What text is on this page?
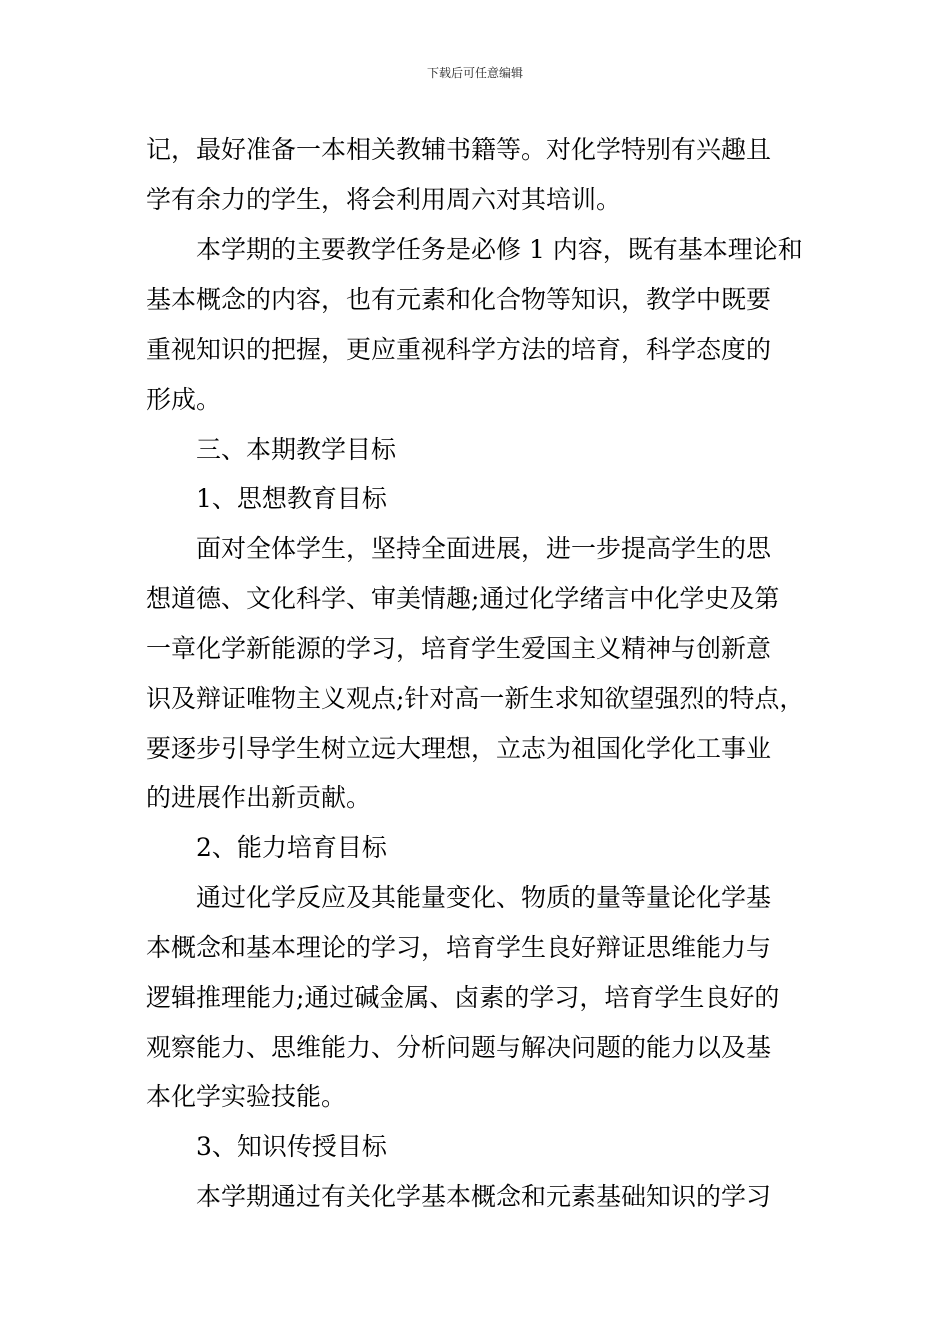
下载后可任意编辑
记，最好准备一本相关教辅书籍等。对化学特别有兴趣且
学有余力的学生，将会利用周六对其培训。
本学期的主要教学任务是必修 1 内容，既有基本理论和
基本概念的内容，也有元素和化合物等知识，教学中既要
重视知识的把握，更应重视科学方法的培育，科学态度的
形成。
三、本期教学目标
1、思想教育目标
面对全体学生，坚持全面进展，进一步提高学生的思
想道德、文化科学、审美情趣;通过化学绪言中化学史及第
一章化学新能源的学习，培育学生爱国主义精神与创新意
识及辩证唯物主义观点;针对高一新生求知欲望强烈的特点，
要逐步引导学生树立远大理想，立志为祖国化学化工事业
的进展作出新贡献。
2、能力培育目标
通过化学反应及其能量变化、物质的量等量论化学基
本概念和基本理论的学习，培育学生良好辩证思维能力与
逻辑推理能力;通过碱金属、卤素的学习，培育学生良好的
观察能力、思维能力、分析问题与解决问题的能力以及基
本化学实验技能。
3、知识传授目标
本学期通过有关化学基本概念和元素基础知识的学习
